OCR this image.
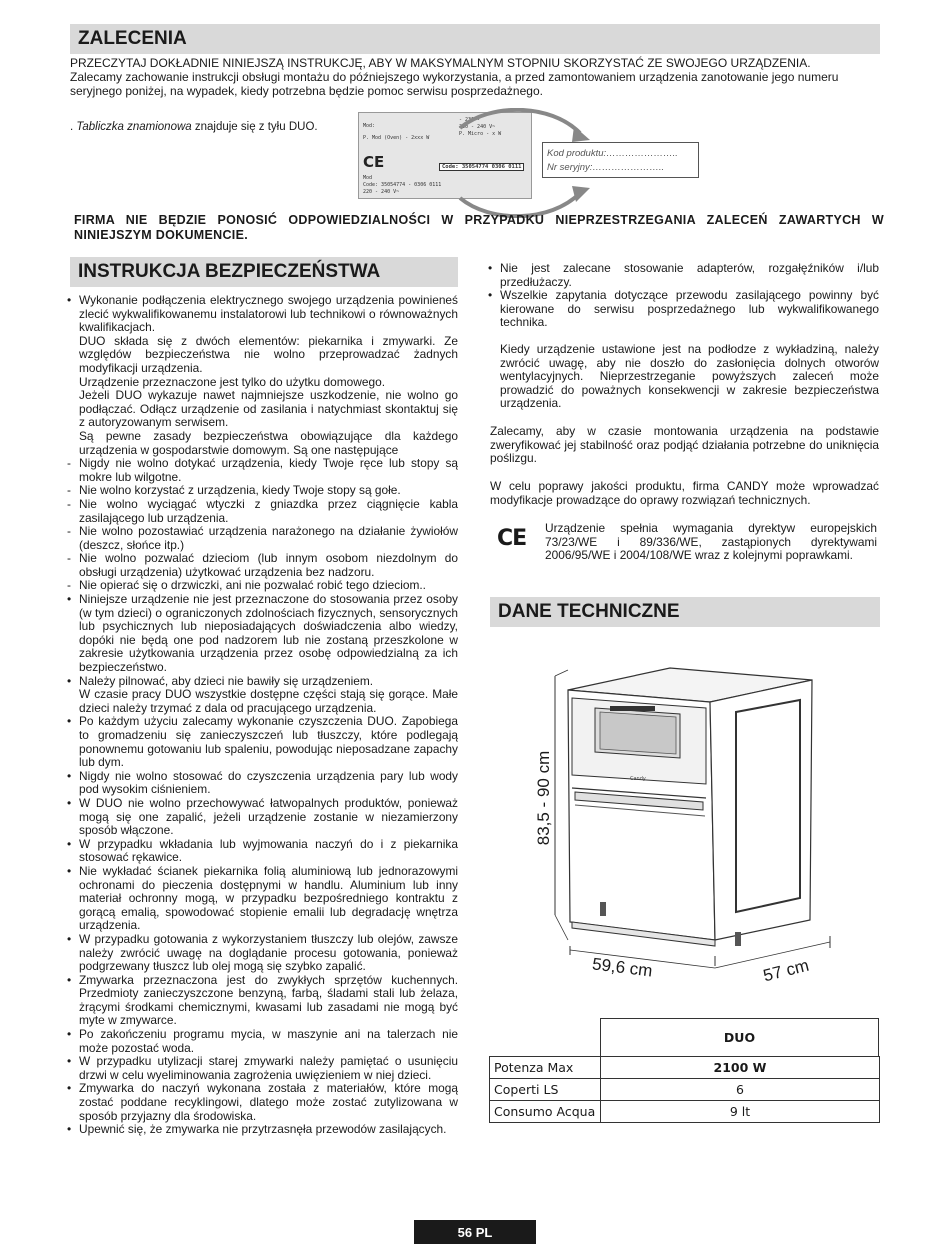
ZALECENIA
PRZECZYTAJ DOKŁADNIE NINIEJSZĄ INSTRUKCJĘ, ABY W MAKSYMALNYM STOPNIU SKORZYSTAĆ ZE SWOJEGO URZĄDZENIA.
Zalecamy zachowanie instrukcji obsługi montażu do późniejszego wykorzystania, a przed zamontowaniem urządzenia zanotowanie jego numeru seryjnego poniżej, na wypadek, kiedy potrzebna będzie pomoc serwisu posprzedażnego.
. Tabliczka znamionowa znajduje się z tyłu DUO.	Mod:
- 232 -
220 - 240 V~
P. Mod (Oven) - 2xxx W
P. Micro - x W
CE	Code: 35054774 0306 0111
Mod
Code: 35054774 - 0306 0111
220 - 240 V~
Kod produktu:…………………..
Nr seryjny:…………………..
FIRMA NIE BĘDZIE PONOSIĆ ODPOWIEDZIALNOŚCI W PRZYPADKU NIEPRZESTRZEGANIA ZALECEŃ ZAWARTYCH W NINIEJSZYM DOKUMENCIE.
INSTRUKCJA BEZPIECZEŃSTWA
• Wykonanie podłączenia elektrycznego swojego urządzenia powinieneś zlecić wykwalifikowanemu instalatorowi lub technikowi o równoważnych kwalifikacjach.
DUO składa się z dwóch elementów: piekarnika i zmywarki. Ze względów bezpieczeństwa nie wolno przeprowadzać żadnych modyfikacji urządzenia.
Urządzenie przeznaczone jest tylko do użytku domowego.
Jeżeli DUO wykazuje nawet najmniejsze uszkodzenie, nie wolno go podłączać. Odłącz urządzenie od zasilania i natychmiast skontaktuj się z autoryzowanym serwisem.
Są pewne zasady bezpieczeństwa obowiązujące dla każdego urządzenia w gospodarstwie domowym. Są one następujące
- Nigdy nie wolno dotykać urządzenia, kiedy Twoje ręce lub stopy są mokre lub wilgotne.
- Nie wolno korzystać z urządzenia, kiedy Twoje stopy są gołe.
- Nie wolno wyciągać wtyczki z gniazdka przez ciągnięcie kabla zasilającego lub urządzenia.
- Nie wolno pozostawiać urządzenia narażonego na działanie żywiołów (deszcz, słońce itp.)
- Nie wolno pozwalać dzieciom (lub innym osobom niezdolnym do obsługi urządzenia) użytkować urządzenia bez nadzoru.
- Nie opierać się o drzwiczki, ani nie pozwalać robić tego dzieciom..
• Niniejsze urządzenie nie jest przeznaczone do stosowania przez osoby (w tym dzieci) o ograniczonych zdolnościach fizycznych, sensorycznych lub psychicznych lub nieposiadających doświadczenia albo wiedzy, dopóki nie będą one pod nadzorem lub nie zostaną przeszkolone w zakresie użytkowania urządzenia przez osobę odpowiedzialną za ich bezpieczeństwo.
• Należy pilnować, aby dzieci nie bawiły się urządzeniem.
W czasie pracy DUO wszystkie dostępne części stają się gorące. Małe dzieci należy trzymać z dala od pracującego urządzenia.
• Po każdym użyciu zalecamy wykonanie czyszczenia DUO. Zapobiega to gromadzeniu się zanieczyszczeń lub tłuszczy, które podlegają ponownemu gotowaniu lub spaleniu, powodując nieposadzane zapachy lub dym.
• Nigdy nie wolno stosować do czyszczenia urządzenia pary lub wody pod wysokim ciśnieniem.
• W DUO nie wolno przechowywać łatwopalnych produktów, ponieważ mogą się one zapalić, jeżeli urządzenie zostanie w niezamierzony sposób włączone.
• W przypadku wkładania lub wyjmowania naczyń do i z piekarnika stosować rękawice.
• Nie wykładać ścianek piekarnika folią aluminiową lub jednorazowymi ochronami do pieczenia dostępnymi w handlu. Aluminium lub inny materiał ochronny mogą, w przypadku bezpośredniego kontraktu z gorącą emalią, spowodować stopienie emalii lub degradację wnętrza urządzenia.
• W przypadku gotowania z wykorzystaniem tłuszczy lub olejów, zawsze należy zwrócić uwagę na doglądanie procesu gotowania, ponieważ podgrzewany tłuszcz lub olej mogą się szybko zapalić.
• Zmywarka przeznaczona jest do zwykłych sprzętów kuchennych. Przedmioty zanieczyszczone benzyną, farbą, śladami stali lub żelaza, żrącymi środkami chemicznymi, kwasami lub zasadami nie mogą być myte w zmywarce.
• Po zakończeniu programu mycia, w maszynie ani na talerzach nie może pozostać woda.
• W przypadku utylizacji starej zmywarki należy pamiętać o usunięciu drzwi w celu wyeliminowania zagrożenia uwięzieniem w niej dzieci.
• Zmywarka do naczyń wykonana została z materiałów, które mogą zostać poddane recyklingowi, dlatego może zostać zutylizowana w sposób przyjazny dla środowiska.
• Upewnić się, że zmywarka nie przytrzasnęła przewodów zasilających.
• Nie jest zalecane stosowanie adapterów, rozgałęźników i/lub przedłużaczy.
• Wszelkie zapytania dotyczące przewodu zasilającego powinny być kierowane do serwisu posprzedażnego lub wykwalifikowanego technika.
Kiedy urządzenie ustawione jest na podłodze z wykładziną, należy zwrócić uwagę, aby nie doszło do zasłonięcia dolnych otworów wentylacyjnych. Nieprzestrzeganie powyższych zaleceń może prowadzić do poważnych konsekwencji w zakresie bezpieczeństwa urządzenia.
Zalecamy, aby w czasie montowania urządzenia na podstawie zweryfikować jej stabilność oraz podjąć działania potrzebne do uniknięcia poślizgu.
W celu poprawy jakości produktu, firma CANDY może wprowadzać modyfikacje prowadzące do oprawy rozwiązań technicznych.
CE Urządzenie spełnia wymagania dyrektyw europejskich 73/23/WE i 89/336/WE, zastąpionych dyrektywami 2006/95/WE i 2004/108/WE wraz z kolejnymi poprawkami.
DANE TECHNICZNE
Candy
83,5 - 90 cm
59,6 cm	57 cm
DUO
Potenza Max	2100 W
Coperti LS	6
Consumo Acqua	9 lt
56 PL
